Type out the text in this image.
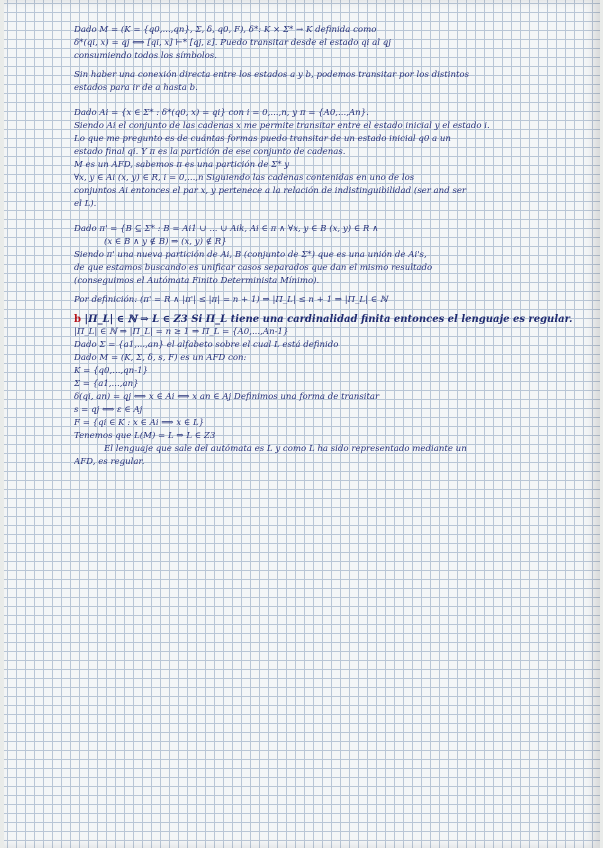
Dado M = (K = {q0,...,qn}, Σ, δ, q0, F), δ*: K × Σ* → K definida como
δ*(qi, x) = qj ⟺ [qi, x] ⊢* [qj, ε]. Puedo transitar desde el estado qi al qj
consumiendo todos los símbolos.
Sin haber una conexión directa entre los estados a y b, podemos transitar por los distintos
estados para ir de a hasta b.
Dado Ai = {x ∈ Σ* : δ*(q0, x) = qi} con i = 0,...,n, y π = {A0,...,An}.
Siendo Ai el conjunto de las cadenas x me permite transitar entre el estado inicial y el estado i.
Lo que me pregunto es de cuántas formas puedo transitar de un estado inicial q0 a un
estado final qi. Y π es la partición de ese conjunto de cadenas.
M es un AFD, sabemos π es una partición de Σ* y
∀x, y ∈ Ai (x, y) ∈ R, i = 0,...,n Siguiendo las cadenas contenidas en uno de los
conjuntos Ai entonces el par x, y pertenece a la relación de indistinguibilidad (ser and ser
el L).
Dado π' = {B ⊆ Σ* : B = Ai1 ∪ ... ∪ Aik, Ai ∈ π ∧ ∀x, y ∈ B (x, y) ∈ R ∧
(x ∈ B ∧ y ∉ B) ⇒ (x, y) ∉ R}
Siendo π' una nueva partición de Ai, B (conjunto de Σ*) que es una unión de Ai's,
de que estamos buscando es unificar casos separados que dan el mismo resultado
(conseguimos el Autómata Finito Determinista Mínimo).
Por definición: (π' = R ∧ |π'| ≤ |π| = n + 1) ⇒ |Π_L| ≤ n + 1 ⇒ |Π_L| ∈ ℕ
b |Π_L| ∈ ℕ ⇒ L ∈ Z3 Si Π_L tiene una cardinalidad finita entonces el lenguaje es regular.
|Π_L| ∈ ℕ ⇒ |Π_L| = n ≥ 1 ⇒ Π_L = {A0,...,An-1}
Dado Σ = {a1,...,an} el alfabeto sobre el cual L está definido
Dado M = (K, Σ, δ, s, F) es un AFD con:
K = {q0,...,qn-1}
Σ = {a1,...,an}
δ(qi, an) = qj ⟺ x ∈ Ai ⟺ x an ∈ Aj Definimos una forma de transitar
s = qj ⟺ ε ∈ Aj
F = {qi ∈ K : x ∈ Ai ⟹ x ∈ L}
Tenemos que L(M) = L ⇒ L ∈ Z3
El lenguaje que sale del autómata es L y como L ha sido representado mediante un
AFD, es regular.
